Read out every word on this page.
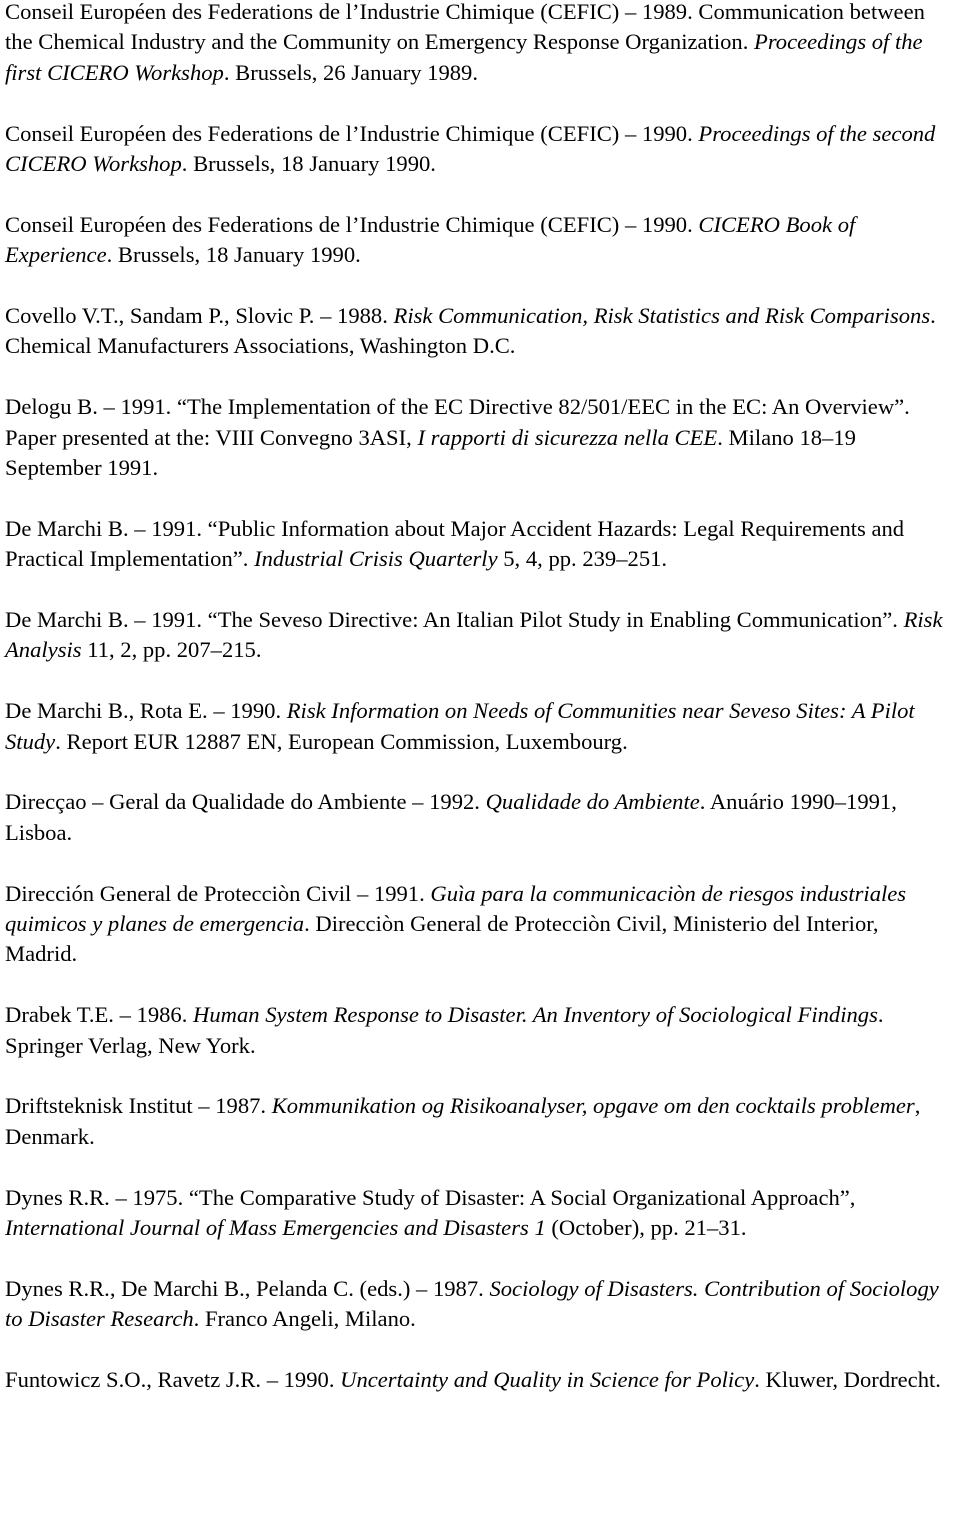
Conseil Européen des Federations de l’Industrie Chimique (CEFIC) – 1989. Communication between the Chemical Industry and the Community on Emergency Response Organization. Proceedings of the first CICERO Workshop. Brussels, 26 January 1989.

Conseil Européen des Federations de l’Industrie Chimique (CEFIC) – 1990. Proceedings of the second CICERO Workshop. Brussels, 18 January 1990.

Conseil Européen des Federations de l’Industrie Chimique (CEFIC) – 1990. CICERO Book of Experience. Brussels, 18 January 1990.

Covello V.T., Sandam P., Slovic P. – 1988. Risk Communication, Risk Statistics and Risk Comparisons. Chemical Manufacturers Associations, Washington D.C.

Delogu B. – 1991. “The Implementation of the EC Directive 82/501/EEC in the EC: An Overview”. Paper presented at the: VIII Convegno 3ASI, I rapporti di sicurezza nella CEE. Milano 18–19 September 1991.

De Marchi B. – 1991. “Public Information about Major Accident Hazards: Legal Requirements and Practical Implementation”. Industrial Crisis Quarterly 5, 4, pp. 239–251.

De Marchi B. – 1991. “The Seveso Directive: An Italian Pilot Study in Enabling Communication”. Risk Analysis 11, 2, pp. 207–215.

De Marchi B., Rota E. – 1990. Risk Information on Needs of Communities near Seveso Sites: A Pilot Study. Report EUR 12887 EN, European Commission, Luxembourg.

Direcçao – Geral da Qualidade do Ambiente – 1992. Qualidade do Ambiente. Anuário 1990–1991, Lisboa.

Dirección General de Protecciòn Civil – 1991. Guìa para la communicaciòn de riesgos industriales quimicos y planes de emergencia. Direcciòn General de Protecciòn Civil, Ministerio del Interior, Madrid.

Drabek T.E. – 1986. Human System Response to Disaster. An Inventory of Sociological Findings. Springer Verlag, New York.

Driftsteknisk Institut – 1987. Kommunikation og Risikoanalyser, opgave om den cocktails problemer, Denmark.

Dynes R.R. – 1975. “The Comparative Study of Disaster: A Social Organizational Approach”, International Journal of Mass Emergencies and Disasters 1 (October), pp. 21–31.

Dynes R.R., De Marchi B., Pelanda C. (eds.) – 1987. Sociology of Disasters. Contribution of Sociology to Disaster Research. Franco Angeli, Milano.

Funtowicz S.O., Ravetz J.R. – 1990. Uncertainty and Quality in Science for Policy. Kluwer, Dordrecht.
